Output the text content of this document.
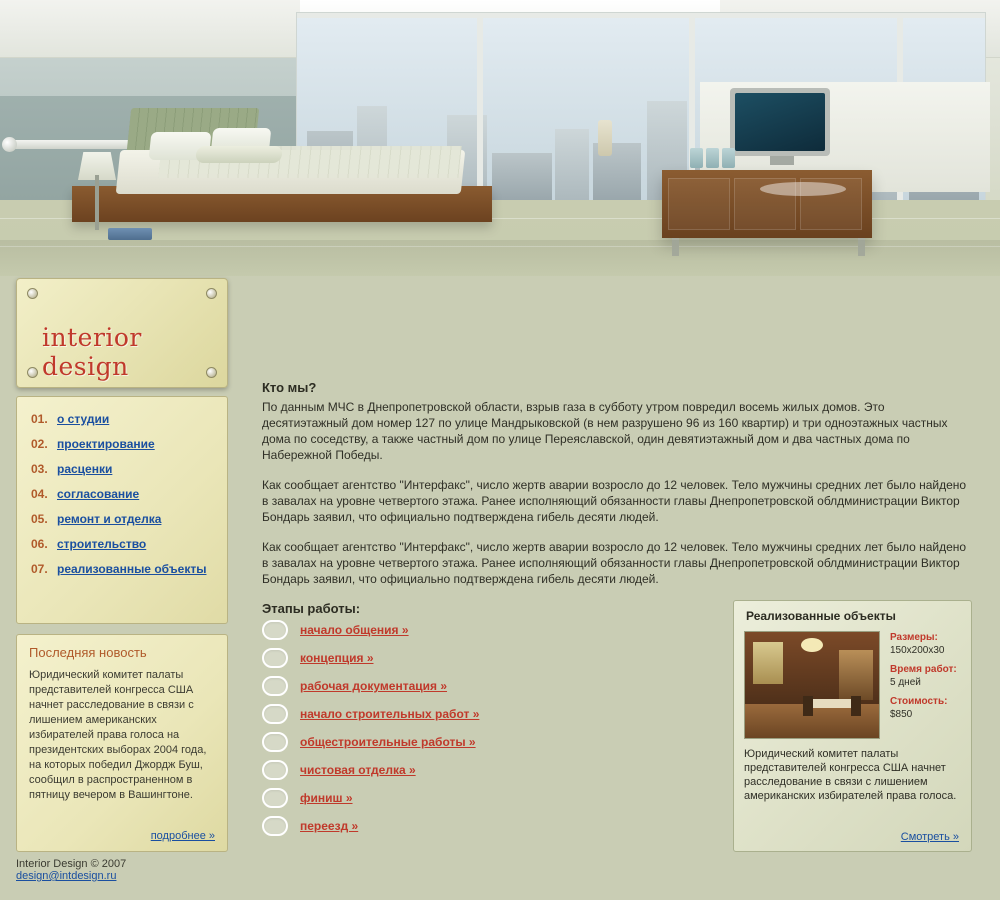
interior design
01. о студии
02. проектирование
03. расценки
04. согласование
05. ремонт и отделка
06. строительство
07. реализованные объекты
Последняя новость

Юридический комитет палаты представителей конгресса США начнет расследование в связи с лишением американских избирателей права голоса на президентских выборах 2004 года, на которых победил Джордж Буш, сообщил в распространенном в пятницу вечером в Вашингтоне.

подробнее »
Interior Design © 2007
design@intdesign.ru
Кто мы?

По данным МЧС в Днепропетровской области, взрыв газа в субботу утром повредил восемь жилых домов. Это десятиэтажный дом номер 127 по улице Мандрыковской (в нем разрушено 96 из 160 квартир) и три одноэтажных частных дома по соседству, а также частный дом по улице Переяславской, один девятиэтажный дом и два частных дома по Набережной Победы.

Как сообщает агентство "Интерфакс", число жертв аварии возросло до 12 человек. Тело мужчины средних лет было найдено в завалах на уровне четвертого этажа. Ранее исполняющий обязанности главы Днепропетровской облдминистрации Виктор Бондарь заявил, что официально подтверждена гибель десяти людей.

Как сообщает агентство "Интерфакс", число жертв аварии возросло до 12 человек. Тело мужчины средних лет было найдено в завалах на уровне четвертого этажа. Ранее исполняющий обязанности главы Днепропетровской облдминистрации Виктор Бондарь заявил, что официально подтверждена гибель десяти людей.

Этапы работы:
начало общения »
концепция »
рабочая документация »
начало строительных работ »
общестроительные работы »
чистовая отделка »
финиш »
переезд »
Реализованные объекты
Размеры:
150x200x30
Время работ:
5 дней
Стоимость:
$850

Юридический комитет палаты представителей конгресса США начнет расследование в связи с лишением американских избирателей права голоса.

Смотреть »
